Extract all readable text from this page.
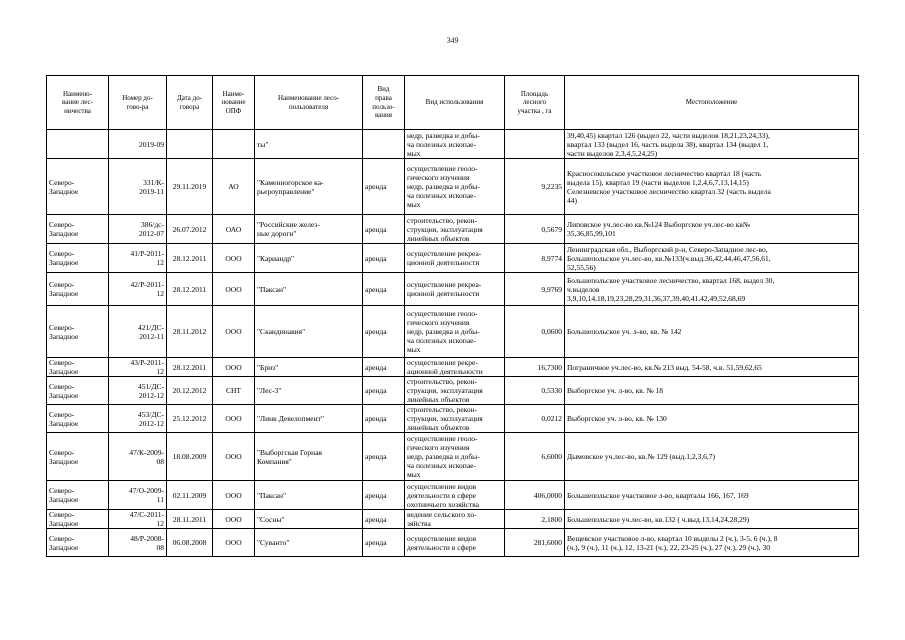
349
Наимено-
вание лес-
ничества	Номер до-
гово-ра	Дата до-
говора	Наиме-
нование
ОПФ	Наименование лесо-
пользователя	Вид
права
пользо-
вания	Вид использования	Площадь
лесного
участка , га	Местоположение

	2019-09			ты"		недр, разведка и добы-
ча полезных ископае-
мых		39,40,45) квартал 126 (выдел 22, части выделов 18,21,23,24,33),
квартал 133 (выдел 16, часть выдела 38), квартал 134 (выдел 1,
части выделов 2,3,4,5,24,25)

Северо-
Западное	331/К-
2019-11	29.11.2019	АО	"Каменногорское ка-
рьероуправление"	аренда	осуществление геоло-
гического изучения
недр, разведка и добы-
ча полезных ископае-
мых	9,2235	Красносокольское участковое лесничество квартал 18 (часть
выдела 15), квартал 19 (части выделов 1,2,4,6,7,13,14,15)
Селезневское участковое лесничество квартал 32 (часть выдела
44)

Северо-
Западное	386/дс-
2012-07	26.07.2012	ОАО	"Российские желез-
ные дороги"	аренда	строительство, рекон-
струкция, эксплуатация
линейных объектов	0,5679	Липовское уч.лес-во кв.№124 Выборгское уч.лес-во кв№
35,36,85,99,101

Северо-
Западное	41/Р-2011-
12	28.12.2011	ООО	"Кариандр"	аренда	осуществление рекреа-
ционной деятельности	8,9774	Ленинградская обл., Выборгский р-н, Северо-Западное лес-во,
Большепольское уч.лес-во, кв.№133(ч.выд.36,42,44,46,47,56,61,
52,55,56)

Северо-
Западное	42/Р-2011-
12	28.12.2011	ООО	"Паксан"	аренда	осуществление рекреа-
ционной деятельности	9,9769	Большепольское участковое лесничество, квартал 168, выдел 30,
ч.выделов
3,9,10,14,18,19,23,28,29,31,36,37,39,40,41,42,49,52,68,69

Северо-
Западное	421/ДС-
2012-11	28.11.2012	ООО	"Скандинавия"	аренда	осуществление геоло-
гического изучения
недр, разведка и добы-
ча полезных ископае-
мых	0,0600	Большепольское уч. л-во, кв. № 142

Северо-
Западное	43/Р-2011-
12	28.12.2011	ООО	"Бриз"	аренда	осуществление рекре-
ационной деятельности	16,7300	Пограничное уч.лес-во, кв.№ 213 выд. 54-58, ч.в. 51,59,62,65

Северо-
Западное	451/ДС-
2012-12	20.12.2012	СНТ	"Лес-3"	аренда	строительство, рекон-
струкция, эксплуатация
линейных объектов	0,5330	Выборгское уч. л-во, кв. № 18

Северо-
Западное	453/ДС-
2012-12	25.12.2012	ООО	"Линк Девелопмент"	аренда	строительство, рекон-
струкция, эксплуатация
линейных объектов	0,0212	Выборгское уч. л-во, кв. № 130

Северо-
Западное	47/К-2009-
08	18.08.2009	ООО	"Выборгская Горная
Компания"	аренда	осуществление геоло-
гического изучения
недр, разведка и добы-
ча полезных ископае-
мых	6,6000	Дымовское уч.лес-во, кв.№ 129 (выд.1,2,3,6,7)

Северо-
Западное	47/О-2009-
11	02.11.2009	ООО	"Паксан"	аренда	осуществление видов
деятельности в сфере
охотничьего хозяйства	406,0000	Большепольское участковое л-во, кварталы 166, 167, 169

Северо-
Западное	47/С-2011-
12	28.11.2011	ООО	"Сосны"	аренда	ведение сельского хо-
зяйства	2,1800	Большепольское уч.лес-во, кв.132 ( ч.выд.13,14,24,28,29)

Северо-
Западное	48/Р-2008-
08	06.08.2008	ООО	"Суванто"	аренда	осуществление видов
деятельности в сфере	281,6000	Вещевское участковое л-во, квартал 10 выделы 2 (ч.), 3-5, 6 (ч.), 8
(ч.), 9 (ч.), 11 (ч.), 12, 13-21 (ч.), 22, 23-25 (ч.), 27 (ч.), 29 (ч.), 30
